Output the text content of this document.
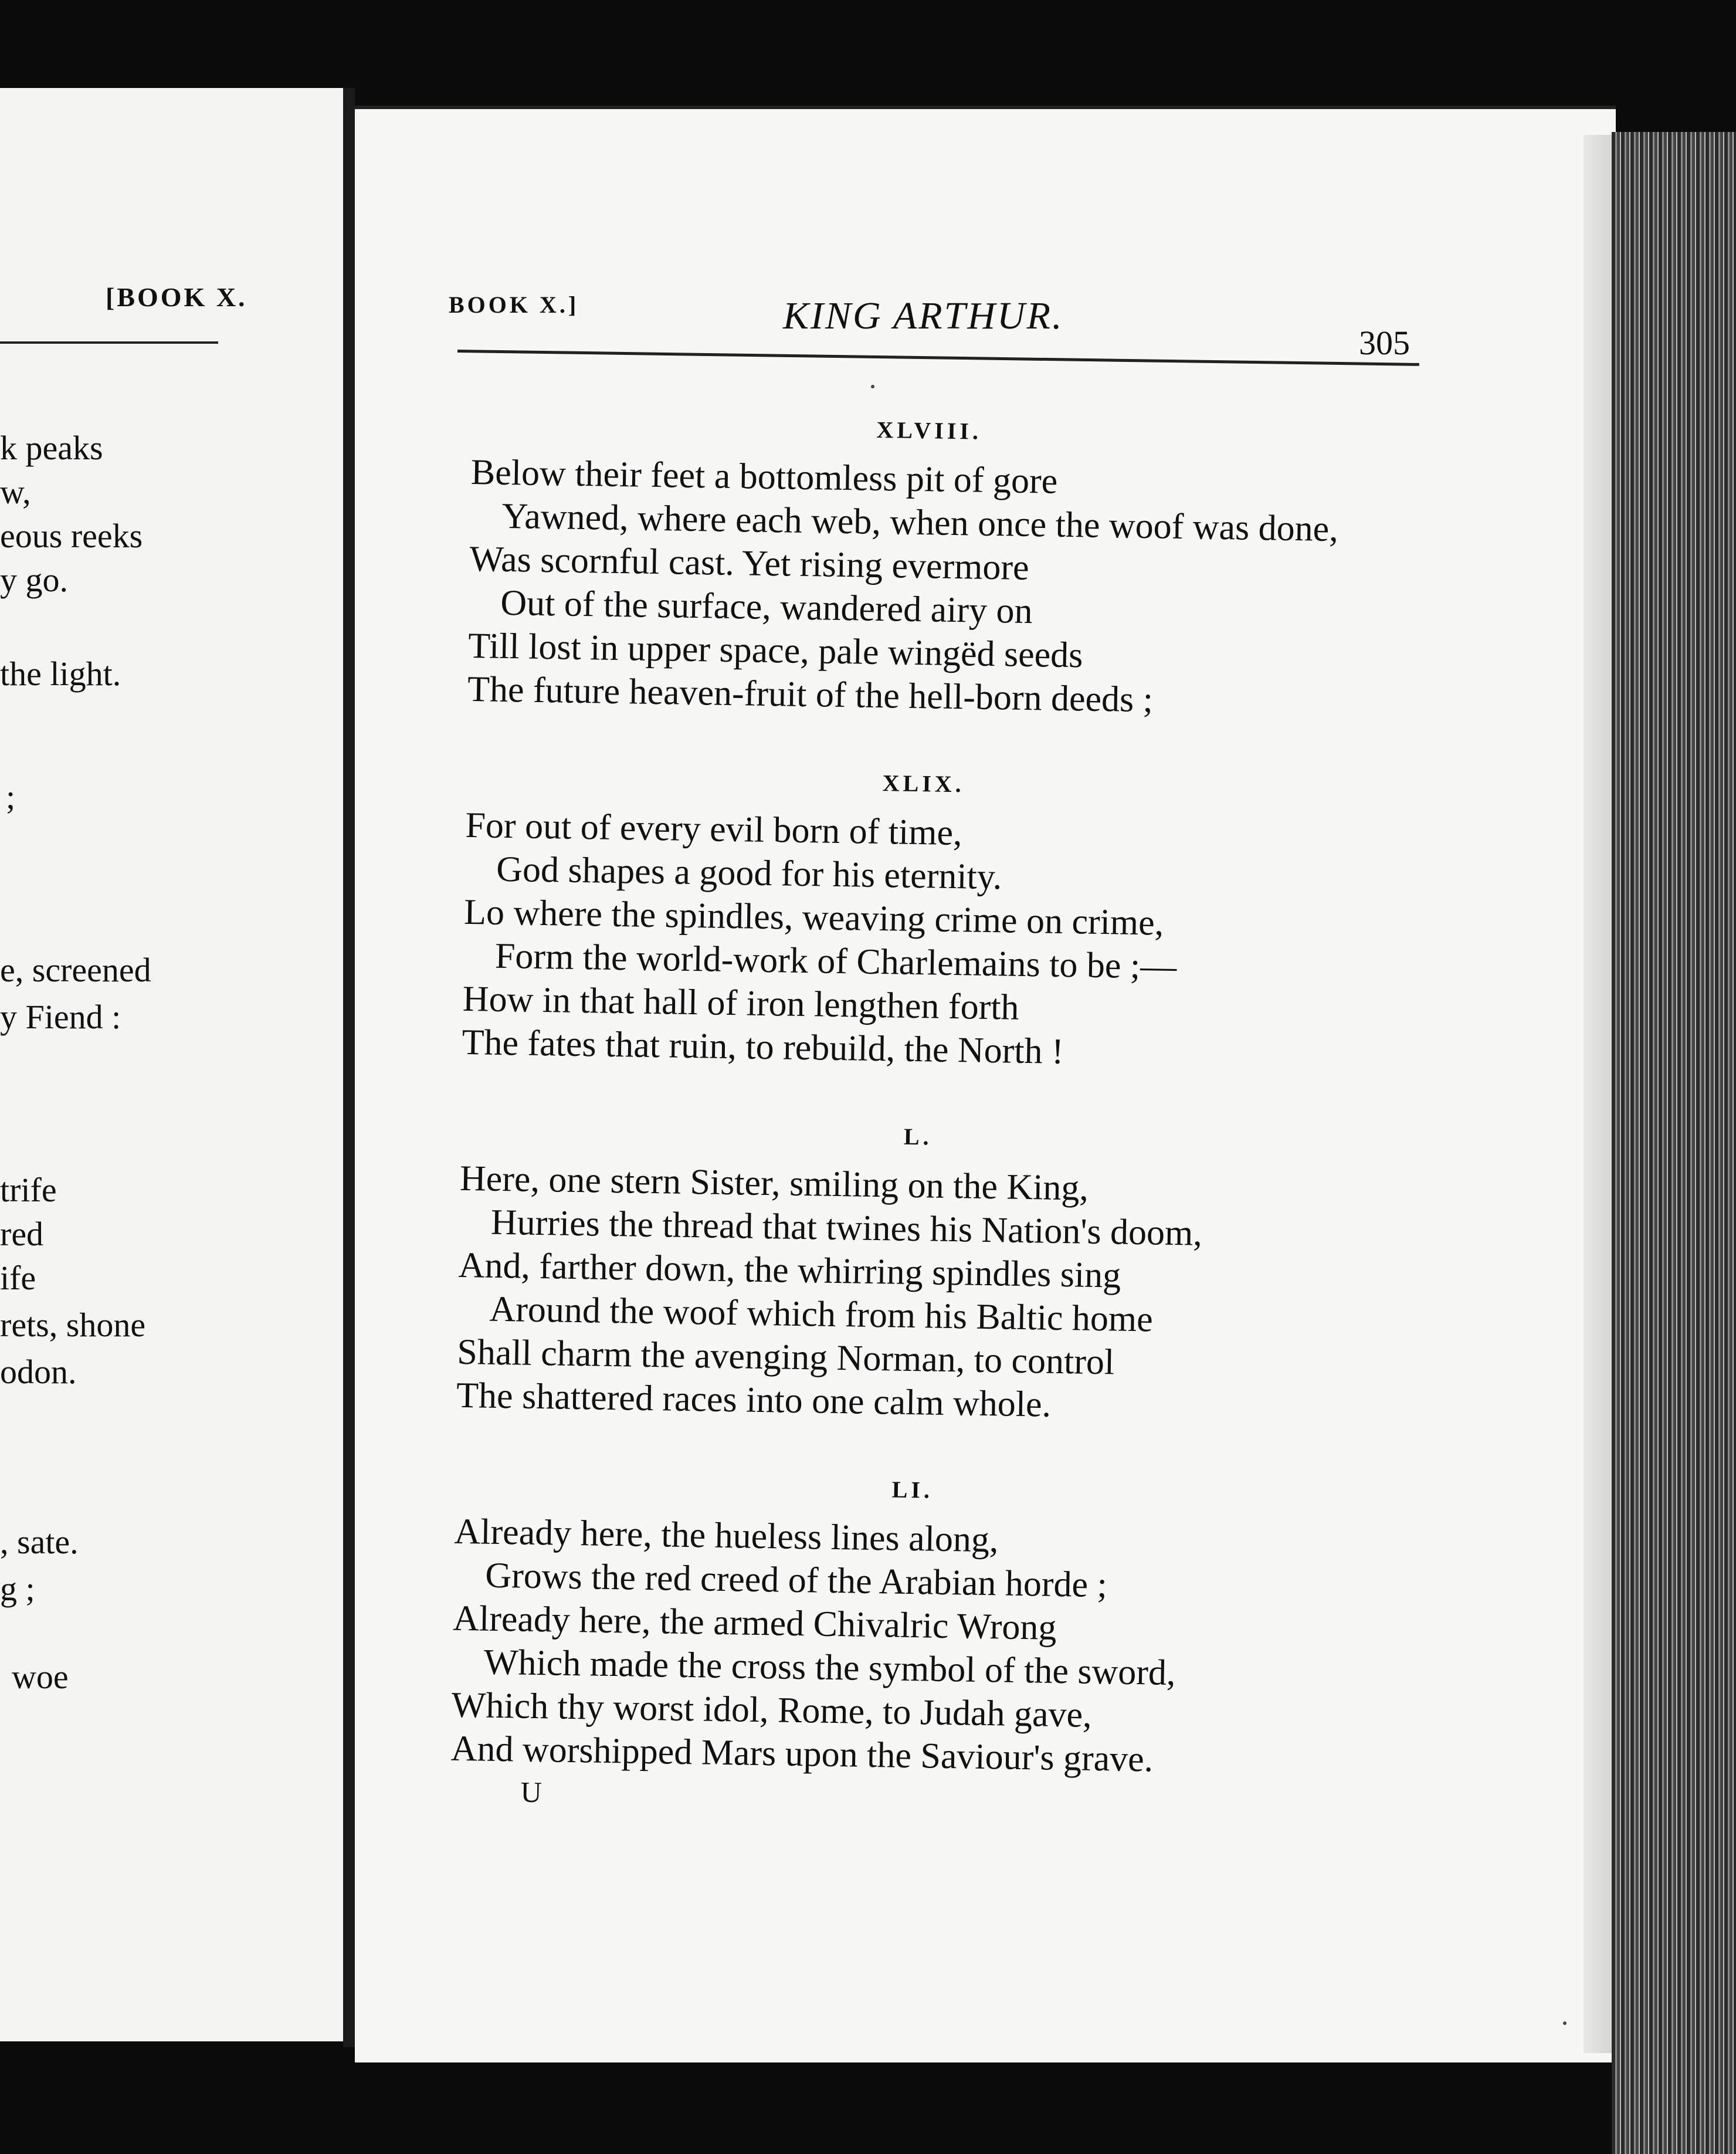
[BOOK X.
k peaks
w,
eous reeks
y go.
the light.
;
e, screened
y Fiend :
trife
red
ife
rets, shone
odon.
, sate.
g ;
woe
BOOK X.]	KING ARTHUR.
305
XLVIII.
Below their feet a bottomless pit of gore
Yawned, where each web, when once the woof was done,
Was scornful cast. Yet rising evermore
Out of the surface, wandered airy on
Till lost in upper space, pale wingëd seeds
The future heaven-fruit of the hell-born deeds ;
XLIX.
For out of every evil born of time,
God shapes a good for his eternity.
Lo where the spindles, weaving crime on crime,
Form the world-work of Charlemains to be ;—
How in that hall of iron lengthen forth
The fates that ruin, to rebuild, the North !
L.
Here, one stern Sister, smiling on the King,
Hurries the thread that twines his Nation's doom,
And, farther down, the whirring spindles sing
Around the woof which from his Baltic home
Shall charm the avenging Norman, to control
The shattered races into one calm whole.
LI.
Already here, the hueless lines along,
Grows the red creed of the Arabian horde ;
Already here, the armed Chivalric Wrong
Which made the cross the symbol of the sword,
Which thy worst idol, Rome, to Judah gave,
And worshipped Mars upon the Saviour's grave.
U
